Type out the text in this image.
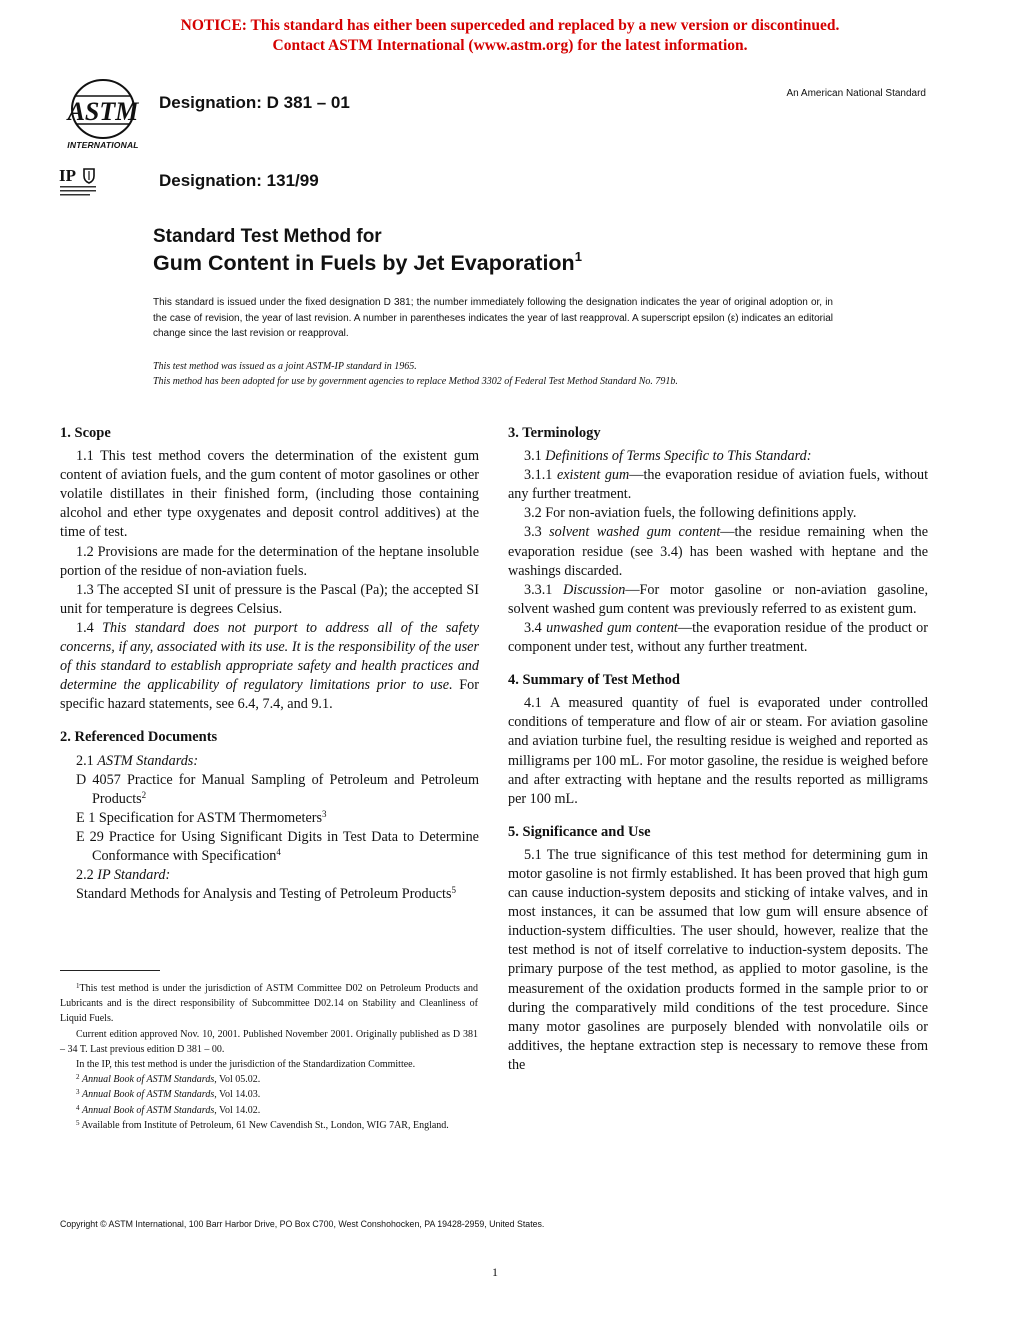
NOTICE: This standard has either been superceded and replaced by a new version or discontinued.
Contact ASTM International (www.astm.org) for the latest information.
ASTM
INTERNATIONAL
IP
Designation: D 381 – 01
Designation: 131/99
An American National Standard
Standard Test Method for
Gum Content in Fuels by Jet Evaporation$^1$
This standard is issued under the fixed designation D 381; the number immediately following the designation indicates the year of original adoption or, in the case of revision, the year of last revision. A number in parentheses indicates the year of last reapproval. A superscript epsilon (ε) indicates an editorial change since the last revision or reapproval.
This test method was issued as a joint ASTM-IP standard in 1965.
This method has been adopted for use by government agencies to replace Method 3302 of Federal Test Method Standard No. 791b.

1. Scope

1.1 This test method covers the determination of the existent gum content of aviation fuels, and the gum content of motor gasolines or other volatile distillates in their finished form, (including those containing alcohol and ether type oxygenates and deposit control additives) at the time of test.

1.2 Provisions are made for the determination of the heptane insoluble portion of the residue of non-aviation fuels.

1.3 The accepted SI unit of pressure is the Pascal (Pa); the accepted SI unit for temperature is degrees Celsius.

1.4 This standard does not purport to address all of the safety concerns, if any, associated with its use. It is the responsibility of the user of this standard to establish appropriate safety and health practices and determine the applicability of regulatory limitations prior to use. For specific hazard statements, see 6.4, 7.4, and 9.1.

2. Referenced Documents

2.1 ASTM Standards:

D 4057 Practice for Manual Sampling of Petroleum and Petroleum Products$^2$

E 1 Specification for ASTM Thermometers$^3$

E 29 Practice for Using Significant Digits in Test Data to Determine Conformance with Specification$^4$

2.2 IP Standard:

Standard Methods for Analysis and Testing of Petroleum Products$^5$

$^1$This test method is under the jurisdiction of ASTM Committee D02 on Petroleum Products and Lubricants and is the direct responsibility of Subcommittee D02.14 on Stability and Cleanliness of Liquid Fuels.

Current edition approved Nov. 10, 2001. Published November 2001. Originally published as D 381 – 34 T. Last previous edition D 381 – 00.

In the IP, this test method is under the jurisdiction of the Standardization Committee.

$^2$ Annual Book of ASTM Standards, Vol 05.02.

$^3$ Annual Book of ASTM Standards, Vol 14.03.

$^4$ Annual Book of ASTM Standards, Vol 14.02.

$^5$ Available from Institute of Petroleum, 61 New Cavendish St., London, WIG 7AR, England.

3. Terminology

3.1 Definitions of Terms Specific to This Standard:

3.1.1 existent gum—the evaporation residue of aviation fuels, without any further treatment.

3.2 For non-aviation fuels, the following definitions apply.

3.3 solvent washed gum content—the residue remaining when the evaporation residue (see 3.4) has been washed with heptane and the washings discarded.

3.3.1 Discussion—For motor gasoline or non-aviation gasoline, solvent washed gum content was previously referred to as existent gum.

3.4 unwashed gum content—the evaporation residue of the product or component under test, without any further treatment.

4. Summary of Test Method

4.1 A measured quantity of fuel is evaporated under controlled conditions of temperature and flow of air or steam. For aviation gasoline and aviation turbine fuel, the resulting residue is weighed and reported as milligrams per 100 mL. For motor gasoline, the residue is weighed before and after extracting with heptane and the results reported as milligrams per 100 mL.

5. Significance and Use

5.1 The true significance of this test method for determining gum in motor gasoline is not firmly established. It has been proved that high gum can cause induction-system deposits and sticking of intake valves, and in most instances, it can be assumed that low gum will ensure absence of induction-system difficulties. The user should, however, realize that the test method is not of itself correlative to induction-system deposits. The primary purpose of the test method, as applied to motor gasoline, is the measurement of the oxidation products formed in the sample prior to or during the comparatively mild conditions of the test procedure. Since many motor gasolines are purposely blended with nonvolatile oils or additives, the heptane extraction step is necessary to remove these from the

Copyright © ASTM International, 100 Barr Harbor Drive, PO Box C700, West Conshohocken, PA 19428-2959, United States.
1
